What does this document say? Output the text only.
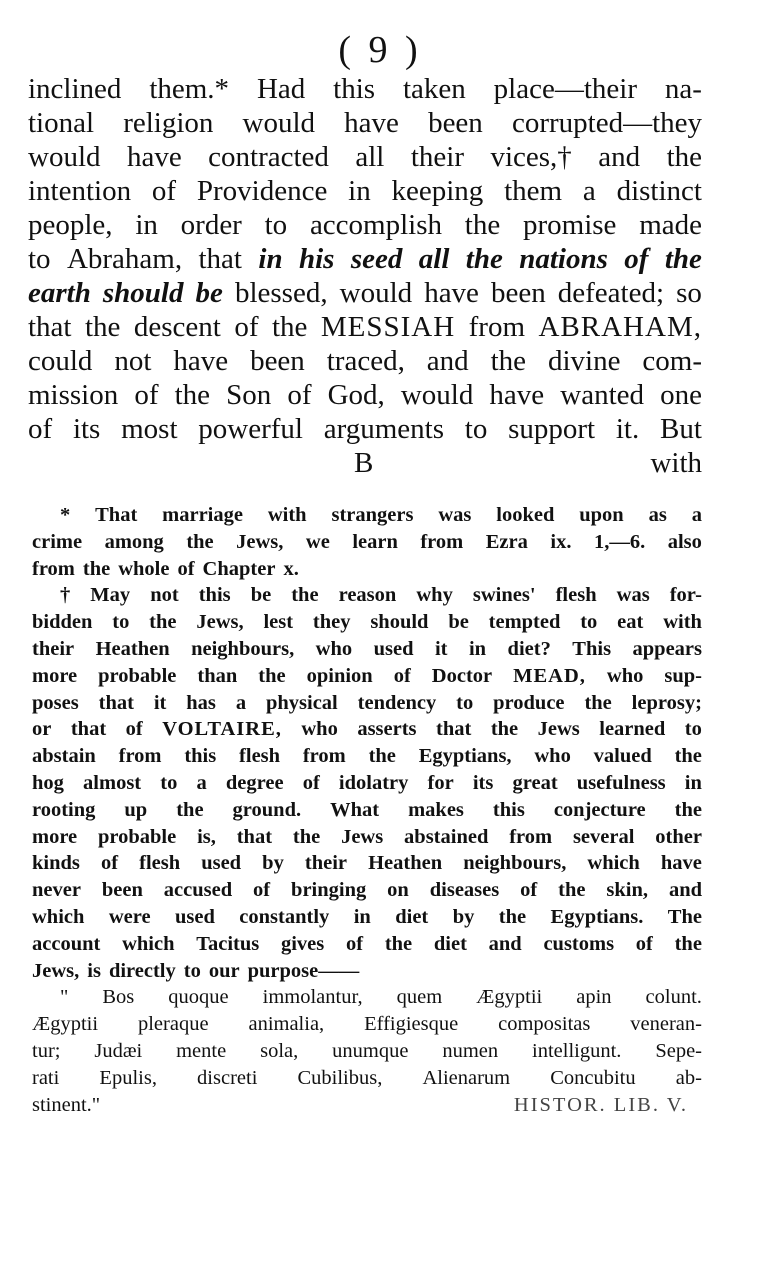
( 9 )
inclined them.* Had this taken place—their na-
tional religion would have been corrupted—they
would have contracted all their vices,† and the
intention of Providence in keeping them a distinct
people, in order to accomplish the promise made
to Abraham, that in his seed all the nations of the
earth should be blessed, would have been defeated; so
that the descent of the MESSIAH from ABRAHAM,
could not have been traced, and the divine com-
mission of the Son of God, would have wanted one
of its most powerful arguments to support it. But
B	with
* That marriage with strangers was looked upon as a
crime among the Jews, we learn from Ezra ix. 1,—6. also
from the whole of Chapter x.
† May not this be the reason why swines' flesh was for-
bidden to the Jews, lest they should be tempted to eat with
their Heathen neighbours, who used it in diet? This appears
more probable than the opinion of Doctor MEAD, who sup-
poses that it has a physical tendency to produce the leprosy;
or that of VOLTAIRE, who asserts that the Jews learned to
abstain from this flesh from the Egyptians, who valued the
hog almost to a degree of idolatry for its great usefulness in
rooting up the ground. What makes this conjecture the
more probable is, that the Jews abstained from several other
kinds of flesh used by their Heathen neighbours, which have
never been accused of bringing on diseases of the skin, and
which were used constantly in diet by the Egyptians. The
account which Tacitus gives of the diet and customs of the
Jews, is directly to our purpose——
" Bos quoque immolantur, quem Ægyptii apin colunt.
Ægyptii pleraque animalia, Effigiesque compositas veneran-
tur; Judæi mente sola, unumque numen intelligunt. Sepe-
rati Epulis, discreti Cubilibus, Alienarum Concubitu ab-
stinent."	HISTOR. LIB. V.
